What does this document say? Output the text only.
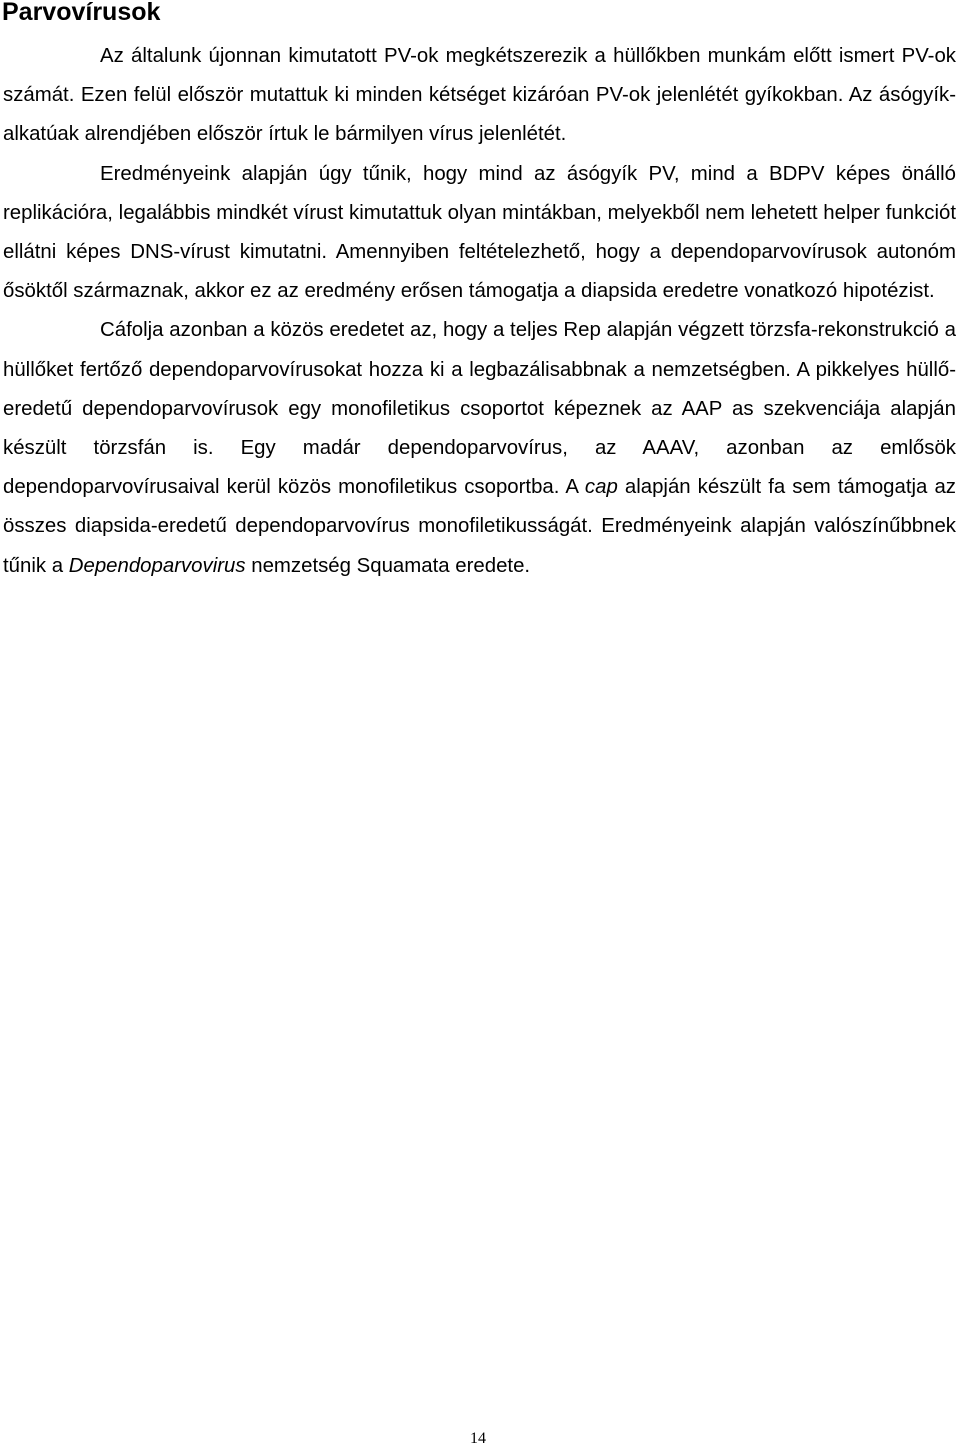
Parvovírusok

Az általunk újonnan kimutatott PV-ok megkétszerezik a hüllőkben munkám előtt ismert PV-ok számát. Ezen felül először mutattuk ki minden kétséget kizáróan PV-ok jelenlétét gyíkokban. Az ásógyík-alkatúak alrendjében először írtuk le bármilyen vírus jelenlétét.

Eredményeink alapján úgy tűnik, hogy mind az ásógyík PV, mind a BDPV képes önálló replikációra, legalábbis mindkét vírust kimutattuk olyan mintákban, melyekből nem lehetett helper funkciót ellátni képes DNS-vírust kimutatni. Amennyiben feltételezhető, hogy a dependoparvovírusok autonóm ősöktől származnak, akkor ez az eredmény erősen támogatja a diapsida eredetre vonatkozó hipotézist.

Cáfolja azonban a közös eredetet az, hogy a teljes Rep alapján végzett törzsfa-rekonstrukció a hüllőket fertőző dependoparvovírusokat hozza ki a legbazálisabbnak a nemzetségben. A pikkelyes hüllő-eredetű dependoparvovírusok egy monofiletikus csoportot képeznek az AAP as szekvenciája alapján készült törzsfán is. Egy madár dependoparvovírus, az AAAV, azonban az emlősök dependoparvovírusaival kerül közös monofiletikus csoportba. A cap alapján készült fa sem támogatja az összes diapsida-eredetű dependoparvovírus monofiletikusságát. Eredményeink alapján valószínűbbnek tűnik a Dependoparvovirus nemzetség Squamata eredete.

14
